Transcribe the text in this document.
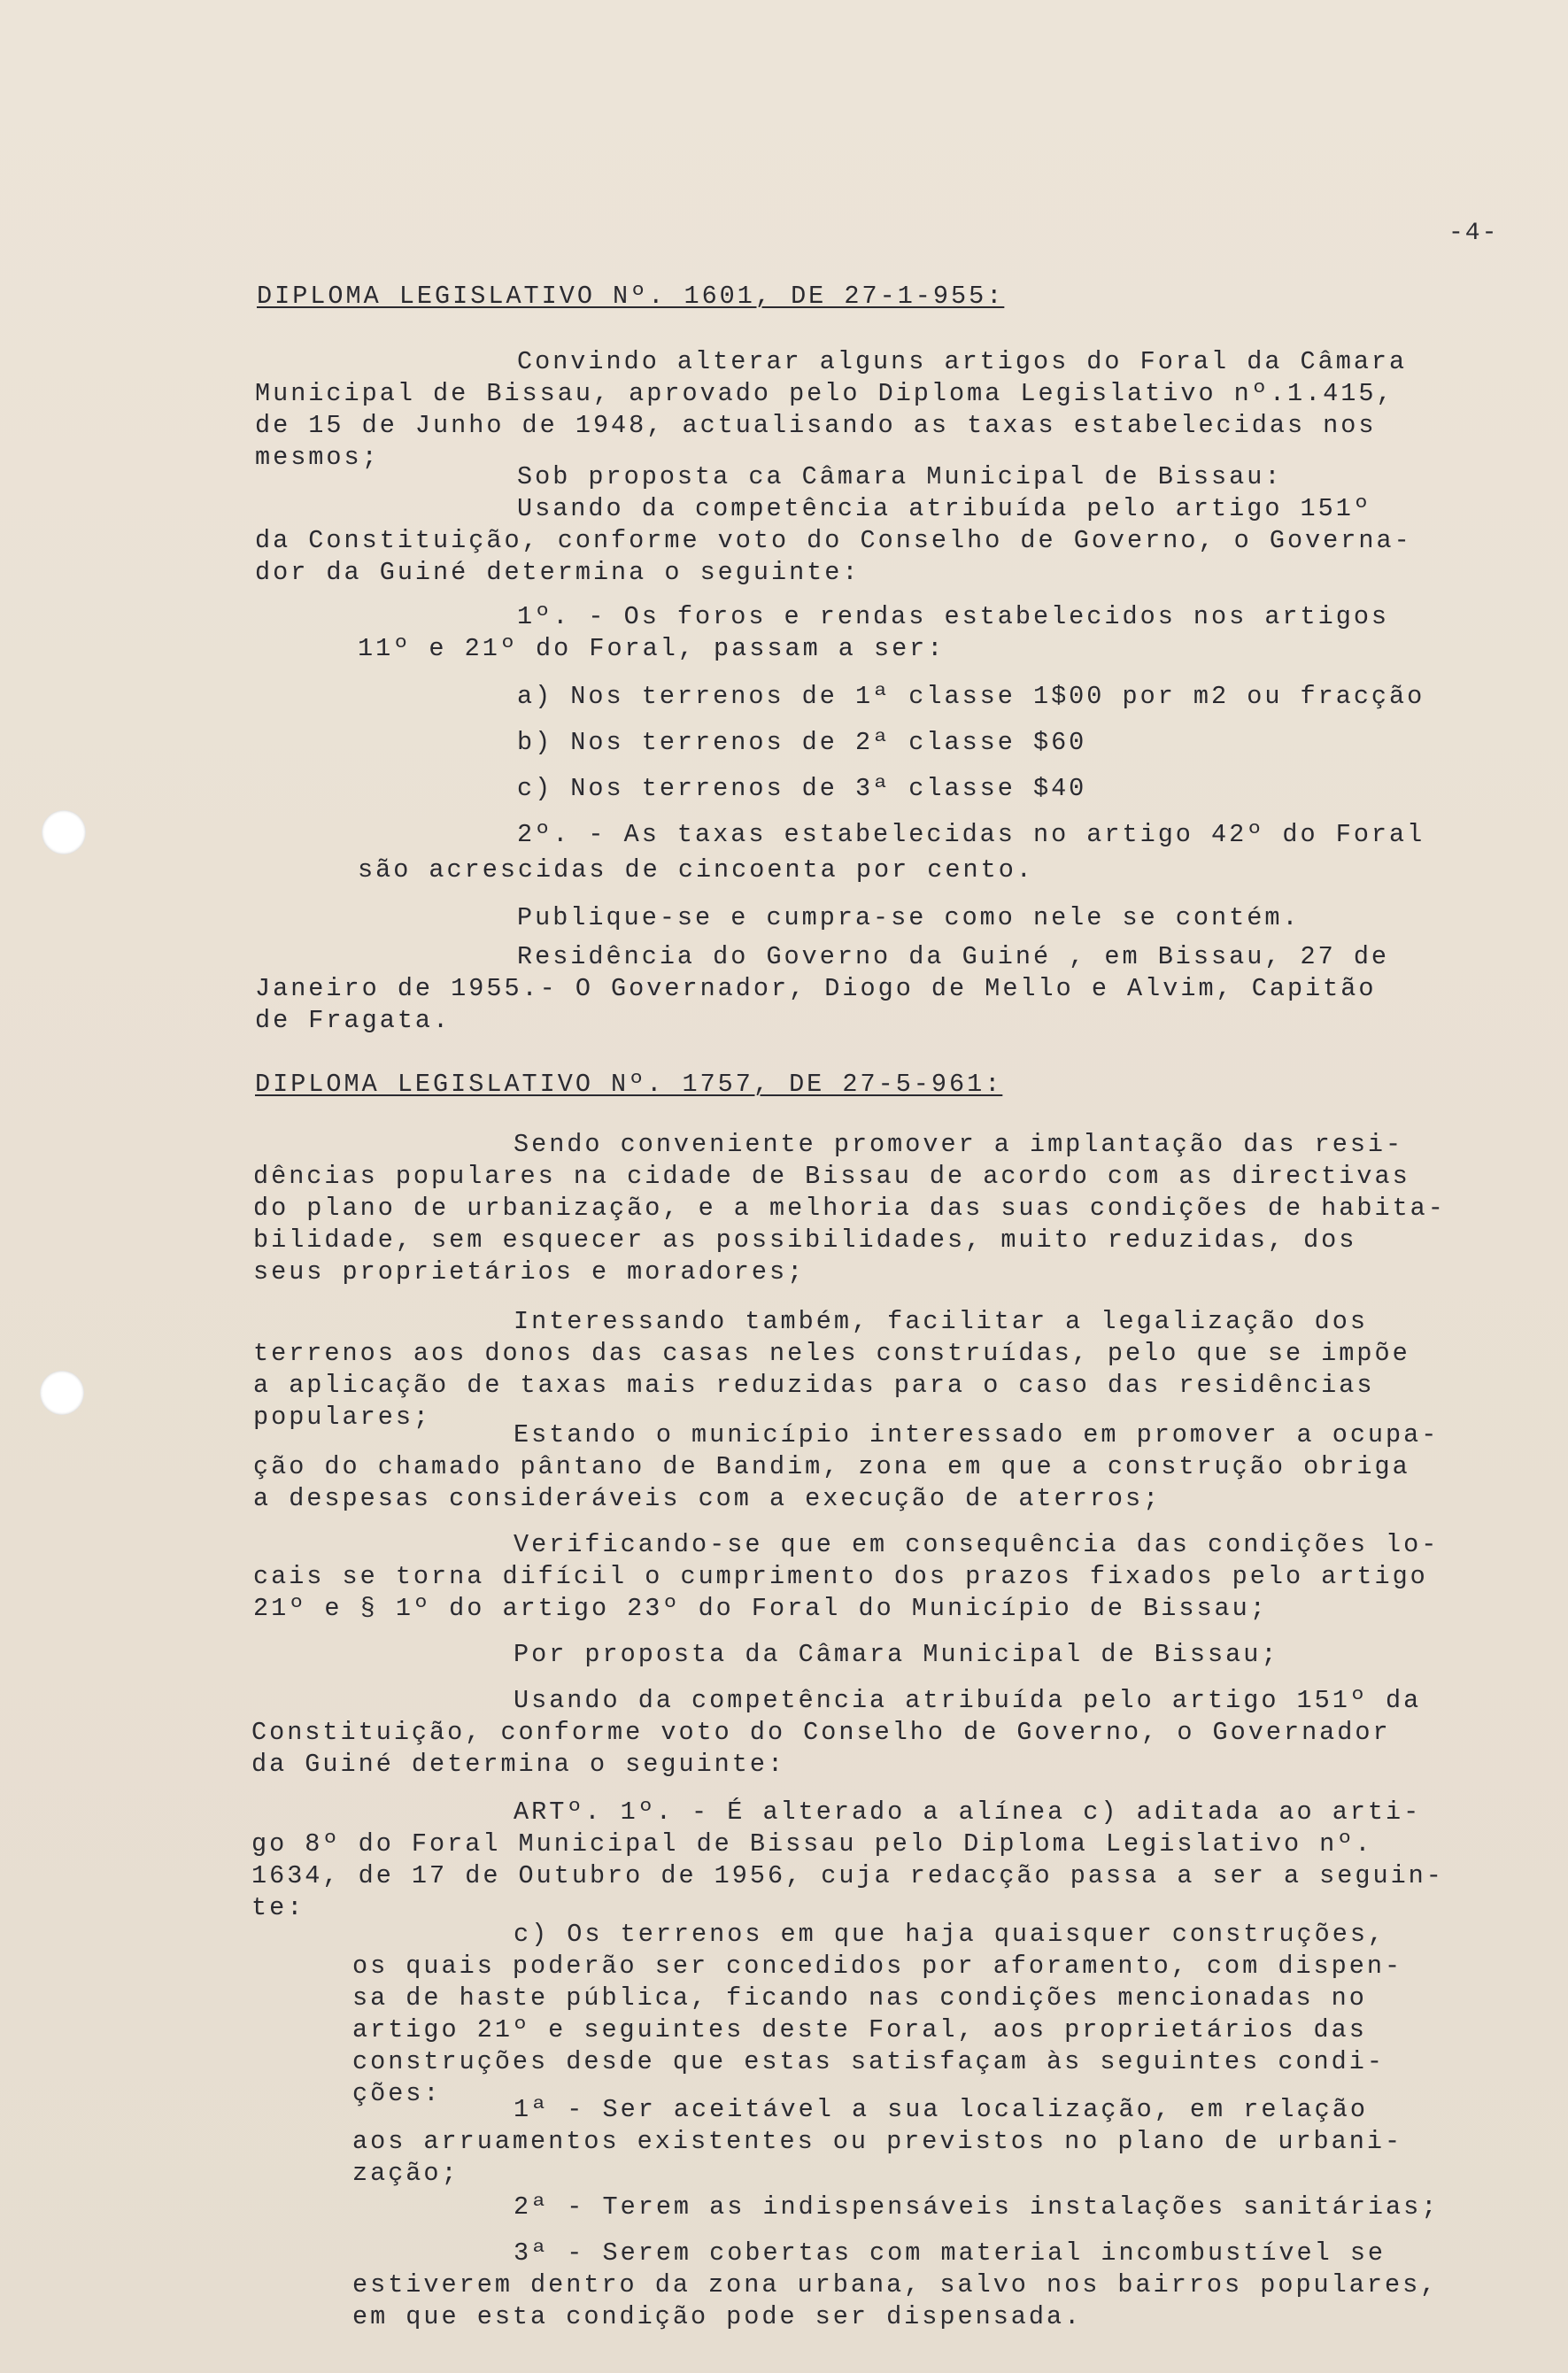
-4-
DIPLOMA LEGISLATIVO Nº. 1601, DE 27-1-955:
Convindo alterar alguns artigos do Foral da Câmara
Municipal de Bissau, aprovado pelo Diploma Legislativo nº.1.415,
de 15 de Junho de 1948, actualisando as taxas estabelecidas nos
mesmos;
Sob proposta ca Câmara Municipal de Bissau:
Usando da competência atribuída pelo artigo 151º
da Constituição, conforme voto do Conselho de Governo, o Governa-
dor da Guiné determina o seguinte:
1º. - Os foros e rendas estabelecidos nos artigos
11º e 21º do Foral, passam a ser:
a) Nos terrenos de 1ª classe 1$00 por m2 ou fracção
b) Nos terrenos de 2ª classe $60
c) Nos terrenos de 3ª classe $40
2º. - As taxas estabelecidas no artigo 42º do Foral
são acrescidas de cincoenta por cento.
Publique-se e cumpra-se como nele se contém.
Residência do Governo da Guiné , em Bissau, 27 de
Janeiro de 1955.- O Governador, Diogo de Mello e Alvim, Capitão
de Fragata.
DIPLOMA LEGISLATIVO Nº. 1757, DE 27-5-961:
Sendo conveniente promover a implantação das resi-
dências populares na cidade de Bissau de acordo com as directivas
do plano de urbanização, e a melhoria das suas condições de habita-
bilidade, sem esquecer as possibilidades, muito reduzidas, dos
seus proprietários e moradores;
Interessando também, facilitar a legalização dos
terrenos aos donos das casas neles construídas, pelo que se impõe
a aplicação de taxas mais reduzidas para o caso das residências
populares;
Estando o município interessado em promover a ocupa-
ção do chamado pântano de Bandim, zona em que a construção obriga
a despesas consideráveis com a execução de aterros;
Verificando-se que em consequência das condições lo-
cais se torna difícil o cumprimento dos prazos fixados pelo artigo
21º e § 1º do artigo 23º do Foral do Município de Bissau;
Por proposta da Câmara Municipal de Bissau;
Usando da competência atribuída pelo artigo 151º da
Constituição, conforme voto do Conselho de Governo, o Governador
da Guiné determina o seguinte:
ARTº. 1º. - É alterado a alínea c) aditada ao arti-
go 8º do Foral Municipal de Bissau pelo Diploma Legislativo nº.
1634, de 17 de Outubro de 1956, cuja redacção passa a ser a seguin-
te:
c) Os terrenos em que haja quaisquer construções,
os quais poderão ser concedidos por aforamento, com dispen-
sa de haste pública, ficando nas condições mencionadas no
artigo 21º e seguintes deste Foral, aos proprietários das
construções desde que estas satisfaçam às seguintes condi-
ções:
1ª - Ser aceitável a sua localização, em relação
aos arruamentos existentes ou previstos no plano de urbani-
zação;
2ª - Terem as indispensáveis instalações sanitárias;
3ª - Serem cobertas com material incombustível se
estiverem dentro da zona urbana, salvo nos bairros populares,
em que esta condição pode ser dispensada.
